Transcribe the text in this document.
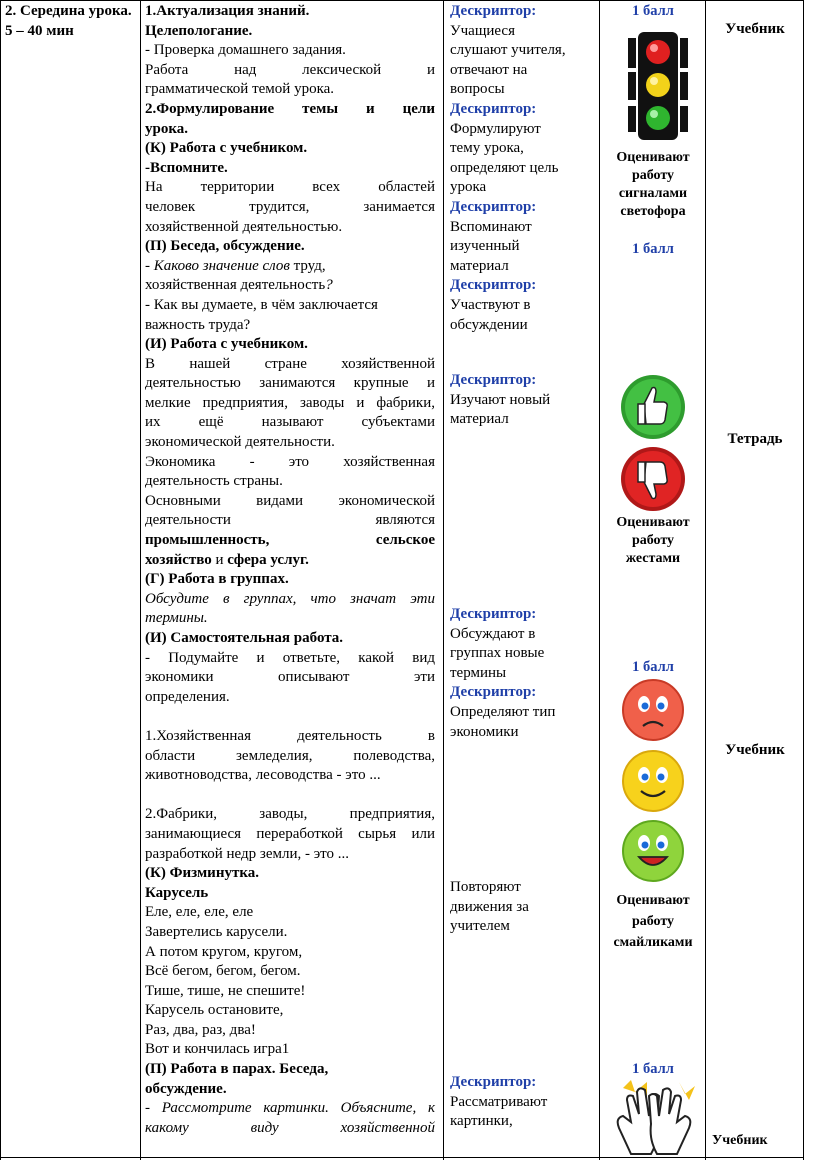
2. Середина урока.
5 – 40 мин
1.Актуализация знаний.
Целепологание.
- Проверка домашнего задания.
Работа над лексической и
грамматической темой урока.
2.Формулирование темы и цели
урока.
(К) Работа с учебником.
-Вспомните.
На территории всех областей
человек трудится, занимается
хозяйственной деятельностью.
(П) Беседа, обсуждение.
- Каково значение слов труд,
хозяйственная деятельность?
- Как вы думаете, в чём заключается
важность труда?
(И) Работа с учебником.
В нашей стране хозяйственной
деятельностью занимаются крупные и
мелкие предприятия, заводы и фабрики,
их ещё называют субъектами
экономической деятельности.
Экономика - это хозяйственная
деятельность страны.
Основными видами экономической
деятельности являются
промышленность,	сельское
хозяйство и сфера услуг.
(Г) Работа в группах.
Обсудите в группах, что значат эти
термины.
(И) Самостоятельная работа.
- Подумайте и ответьте, какой вид
экономики описывают эти
определения.
1.Хозяйственная деятельность в
области земледелия, полеводства,
животноводства, лесоводства - это ...
2.Фабрики, заводы, предприятия,
занимающиеся переработкой сырья или
разработкой недр земли, - это ...
(К) Физминутка.
Карусель
Еле, еле, еле, еле
Завертелись карусели.
А потом кругом, кругом,
Всё бегом, бегом, бегом.
Тише, тише, не спешите!
Карусель остановите,
Раз, два, раз, два!
Вот и кончилась игра1
(П) Работа в парах. Беседа,
обсуждение.
- Рассмотрите картинки. Объясните, к
какому виду хозяйственной
Дескриптор:
Учащиеся
слушают учителя,
отвечают на
вопросы
Дескриптор:
Формулируют
тему урока,
определяют цель
урока
Дескриптор:
Вспоминают
изученный
материал
Дескриптор:
Участвуют в
обсуждении
Дескриптор:
Изучают новый
материал
Дескриптор:
Обсуждают в
группах новые
термины
Дескриптор:
Определяют тип
экономики
Повторяют
движения за
учителем
Дескриптор:
Рассматривают
картинки,
1 балл
Оценивают
работу
сигналами
светофора
1 балл
Оценивают
работу
жестами
1 балл
Оценивают
работу
смайликами
1 балл
Учебник
Тетрадь
Учебник
Учебник
